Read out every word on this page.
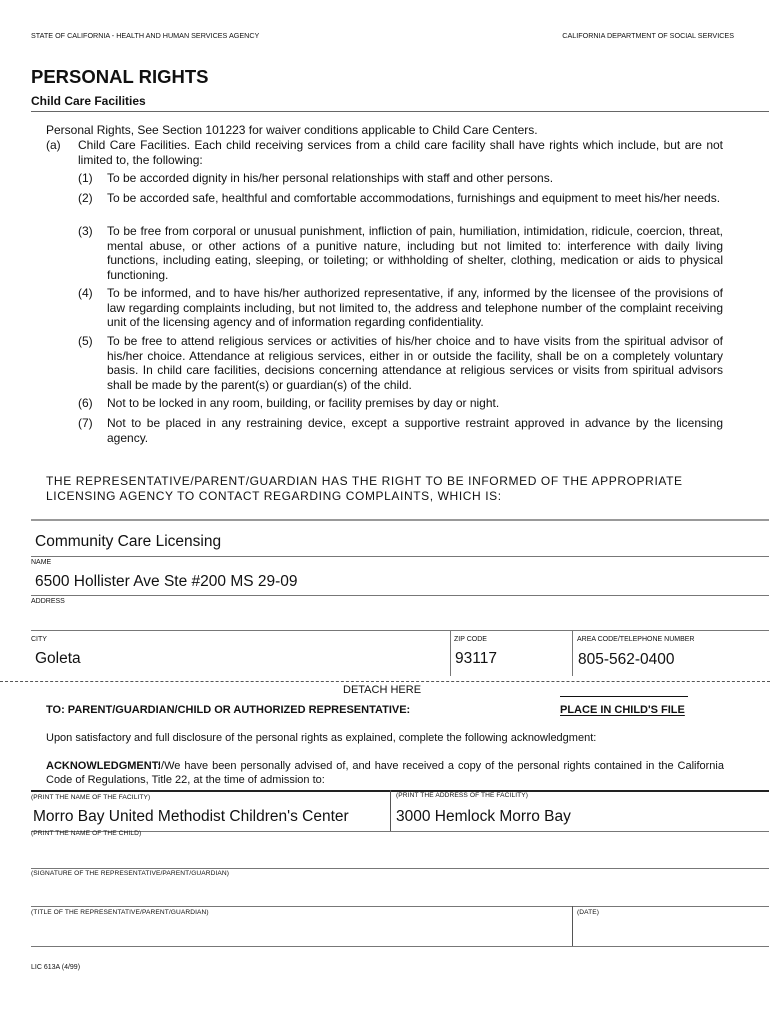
STATE OF CALIFORNIA - HEALTH AND HUMAN SERVICES AGENCY	CALIFORNIA DEPARTMENT OF SOCIAL SERVICES
PERSONAL RIGHTS
Child Care Facilities
Personal Rights, See Section 101223 for waiver conditions applicable to Child Care Centers.
(a) Child Care Facilities. Each child receiving services from a child care facility shall have rights which include, but are not limited to, the following:
(1) To be accorded dignity in his/her personal relationships with staff and other persons.
(2) To be accorded safe, healthful and comfortable accommodations, furnishings and equipment to meet his/her needs.
(3) To be free from corporal or unusual punishment, infliction of pain, humiliation, intimidation, ridicule, coercion, threat, mental abuse, or other actions of a punitive nature, including but not limited to: interference with daily living functions, including eating, sleeping, or toileting; or withholding of shelter, clothing, medication or aids to physical functioning.
(4) To be informed, and to have his/her authorized representative, if any, informed by the licensee of the provisions of law regarding complaints including, but not limited to, the address and telephone number of the complaint receiving unit of the licensing agency and of information regarding confidentiality.
(5) To be free to attend religious services or activities of his/her choice and to have visits from the spiritual advisor of his/her choice. Attendance at religious services, either in or outside the facility, shall be on a completely voluntary basis. In child care facilities, decisions concerning attendance at religious services or visits from spiritual advisors shall be made by the parent(s) or guardian(s) of the child.
(6) Not to be locked in any room, building, or facility premises by day or night.
(7) Not to be placed in any restraining device, except a supportive restraint approved in advance by the licensing agency.
THE REPRESENTATIVE/PARENT/GUARDIAN HAS THE RIGHT TO BE INFORMED OF THE APPROPRIATE LICENSING AGENCY TO CONTACT REGARDING COMPLAINTS, WHICH IS:
Community Care Licensing
NAME
6500 Hollister Ave Ste #200 MS 29-09
ADDRESS
CITY	ZIP CODE	AREA CODE/TELEPHONE NUMBER
Goleta	93117	805-562-0400
DETACH HERE
TO: PARENT/GUARDIAN/CHILD OR AUTHORIZED REPRESENTATIVE:	PLACE IN CHILD'S FILE
Upon satisfactory and full disclosure of the personal rights as explained, complete the following acknowledgment:
ACKNOWLEDGMENT:
I/We have been personally advised of, and have received a copy of the personal rights contained in the California Code of Regulations, Title 22, at the time of admission to:
(PRINT THE NAME OF THE FACILITY)	(PRINT THE ADDRESS OF THE FACILITY)
Morro Bay United Methodist Children's Center	3000 Hemlock Morro Bay
(PRINT THE NAME OF THE CHILD)
(SIGNATURE OF THE REPRESENTATIVE/PARENT/GUARDIAN)
(TITLE OF THE REPRESENTATIVE/PARENT/GUARDIAN)	(DATE)
LIC 613A (4/99)
